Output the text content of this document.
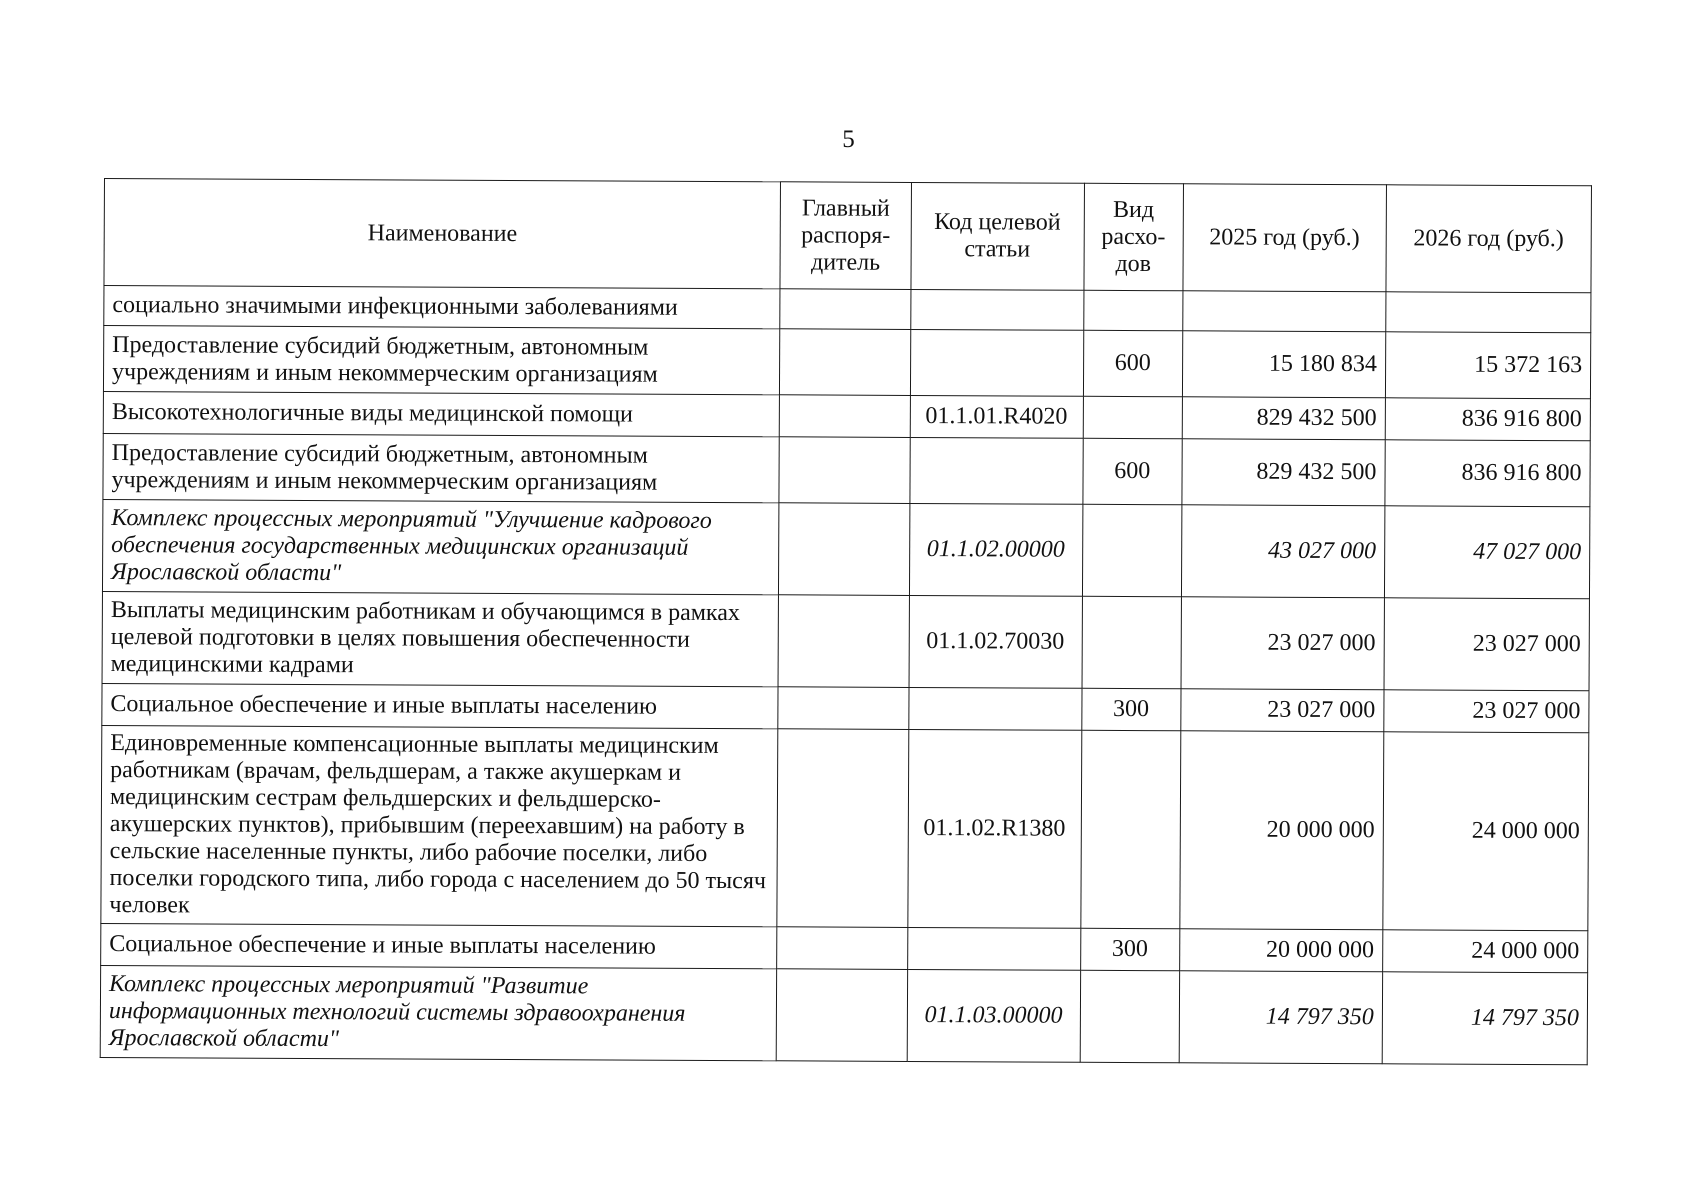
5
Наименование	Главный распоря-дитель	Код целевой статьи	Вид расхо-дов	2025 год (руб.)	2026 год (руб.)
социально значимыми инфекционными заболеваниями					
Предоставление субсидий бюджетным, автономным учреждениям и иным некоммерческим организациям			600	15 180 834	15 372 163
Высокотехнологичные виды медицинской помощи		01.1.01.R4020		829 432 500	836 916 800
Предоставление субсидий бюджетным, автономным учреждениям и иным некоммерческим организациям			600	829 432 500	836 916 800
Комплекс процессных мероприятий "Улучшение кадрового обеспечения государственных медицинских организаций Ярославской области"		01.1.02.00000		43 027 000	47 027 000
Выплаты медицинским работникам и обучающимся в рамках целевой подготовки в целях повышения обеспеченности медицинскими кадрами		01.1.02.70030		23 027 000	23 027 000
Социальное обеспечение и иные выплаты населению			300	23 027 000	23 027 000
Единовременные компенсационные выплаты медицинским работникам (врачам, фельдшерам, а также акушеркам и медицинским сестрам фельдшерских и фельдшерско-акушерских пунктов), прибывшим (переехавшим) на работу в сельские населенные пункты, либо рабочие поселки, либо поселки городского типа, либо города с населением до 50 тысяч человек		01.1.02.R1380		20 000 000	24 000 000
Социальное обеспечение и иные выплаты населению			300	20 000 000	24 000 000
Комплекс процессных мероприятий "Развитие информационных технологий системы здравоохранения Ярославской области"		01.1.03.00000		14 797 350	14 797 350
